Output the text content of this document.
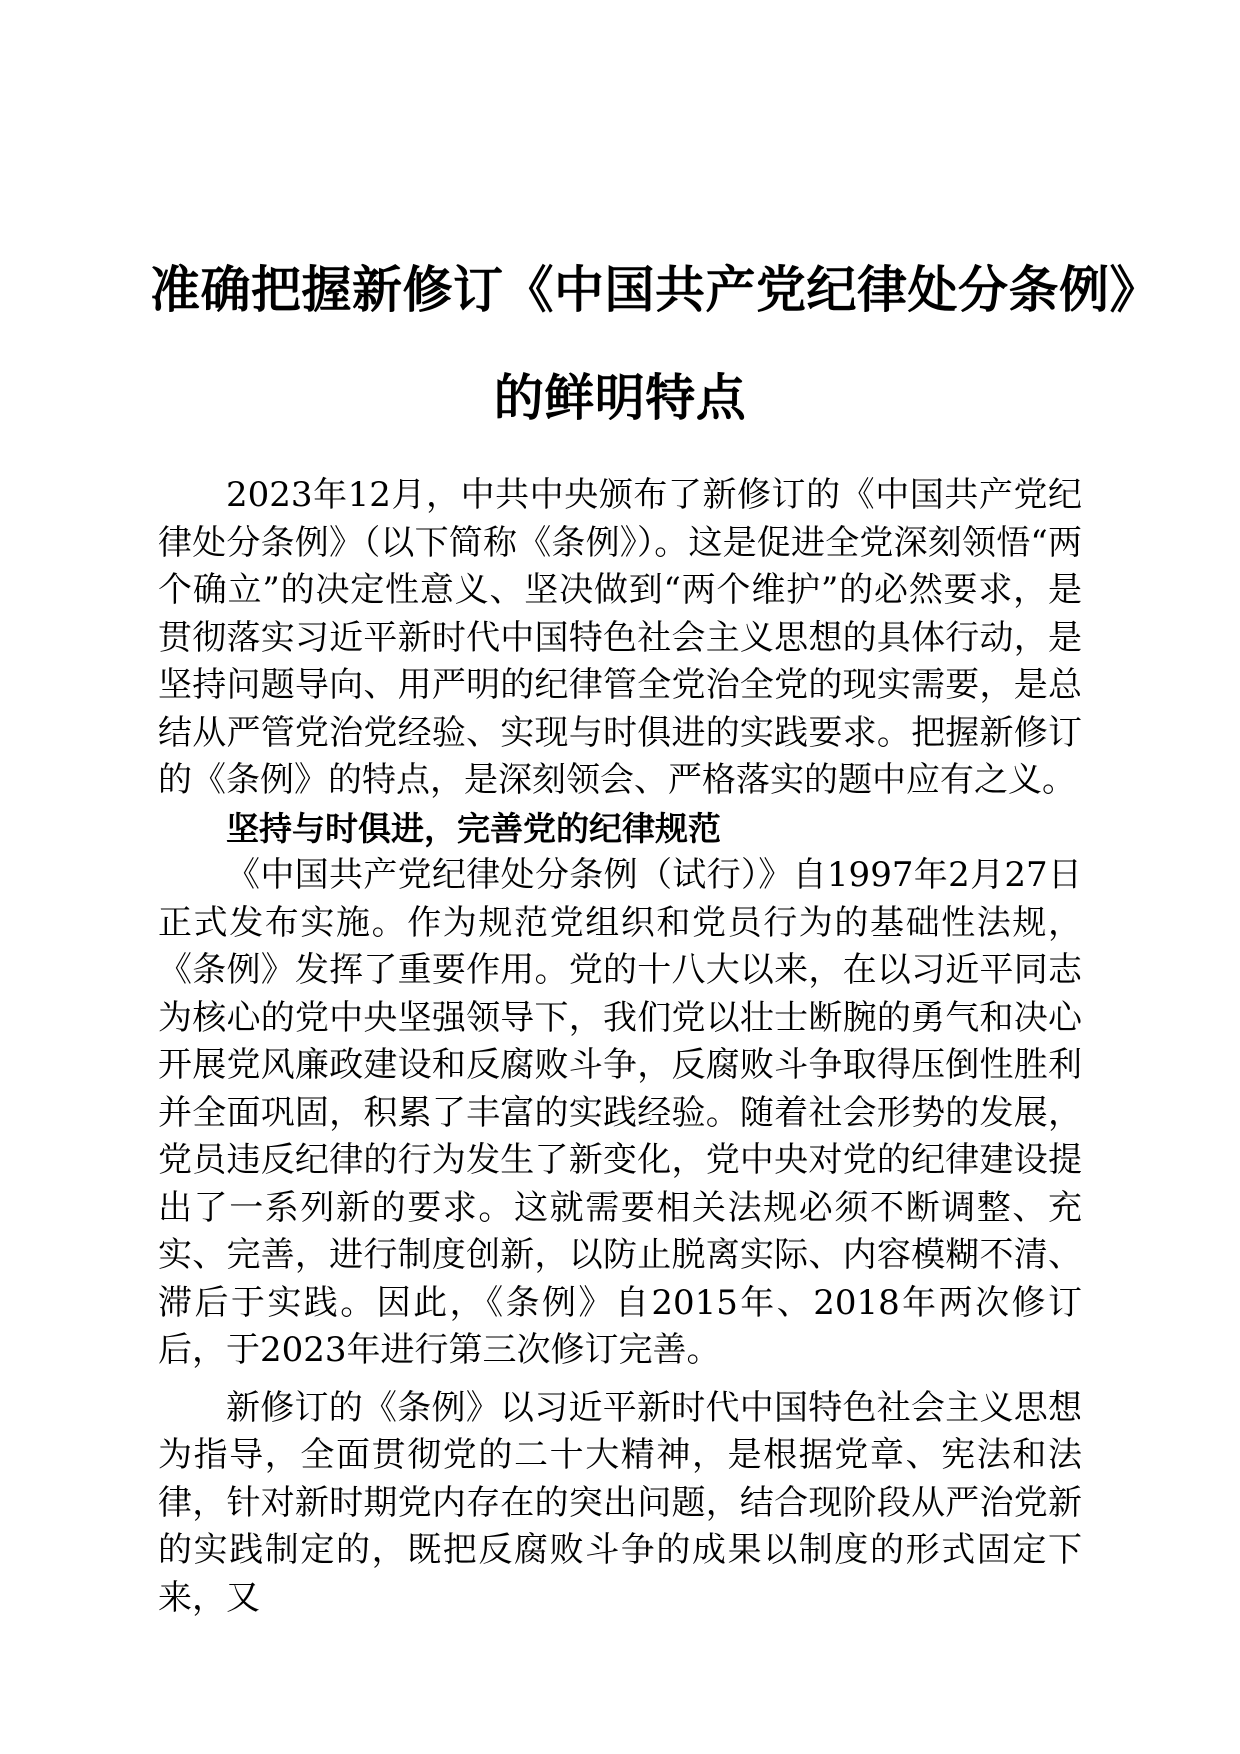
准确把握新修订《中国共产党纪律处分条例》
的鲜明特点

2023年12月，中共中央颁布了新修订的《中国共产党纪律处分条例》（以下简称《条例》）。这是促进全党深刻领悟“两个确立”的决定性意义、坚决做到“两个维护”的必然要求，是贯彻落实习近平新时代中国特色社会主义思想的具体行动，是坚持问题导向、用严明的纪律管全党治全党的现实需要，是总结从严管党治党经验、实现与时俱进的实践要求。把握新修订的《条例》的特点，是深刻领会、严格落实的题中应有之义。

坚持与时俱进，完善党的纪律规范

《中国共产党纪律处分条例（试行）》自1997年2月27日正式发布实施。作为规范党组织和党员行为的基础性法规，《条例》发挥了重要作用。党的十八大以来，在以习近平同志为核心的党中央坚强领导下，我们党以壮士断腕的勇气和决心开展党风廉政建设和反腐败斗争，反腐败斗争取得压倒性胜利并全面巩固，积累了丰富的实践经验。随着社会形势的发展，党员违反纪律的行为发生了新变化，党中央对党的纪律建设提出了一系列新的要求。这就需要相关法规必须不断调整、充实、完善，进行制度创新，以防止脱离实际、内容模糊不清、滞后于实践。因此，《条例》自2015年、2018年两次修订后，于2023年进行第三次修订完善。

新修订的《条例》以习近平新时代中国特色社会主义思想为指导，全面贯彻党的二十大精神，是根据党章、宪法和法律，针对新时期党内存在的突出问题，结合现阶段从严治党新的实践制定的，既把反腐败斗争的成果以制度的形式固定下来，又
